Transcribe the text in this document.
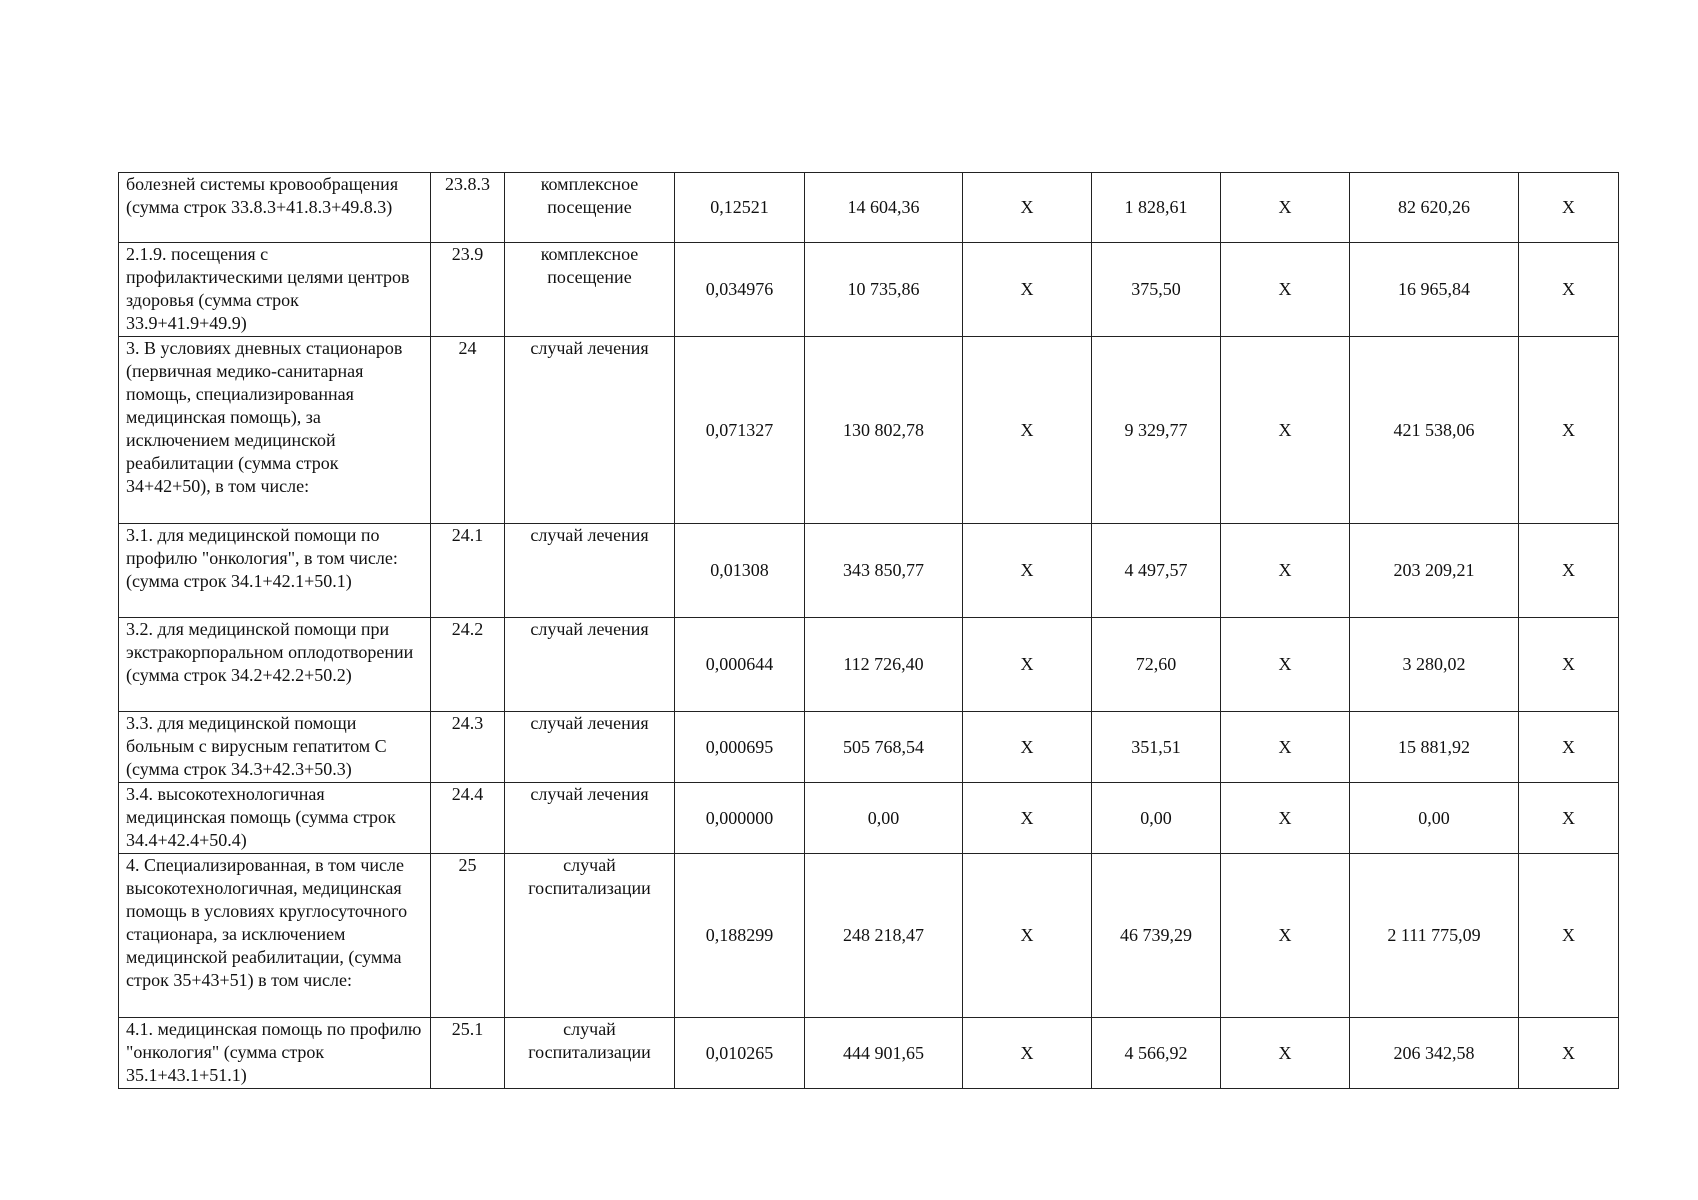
болезней системы кровообращения (сумма строк 33.8.3+41.8.3+49.8.3)	23.8.3	комплексное посещение	0,12521	14 604,36	X	1 828,61	X	82 620,26	X
2.1.9. посещения с профилактическими целями центров здоровья (сумма строк 33.9+41.9+49.9)	23.9	комплексное посещение	0,034976	10 735,86	X	375,50	X	16 965,84	X
3. В условиях дневных стационаров (первичная медико-санитарная помощь, специализированная медицинская помощь), за исключением медицинской реабилитации (сумма строк 34+42+50), в том числе:	24	случай лечения	0,071327	130 802,78	X	9 329,77	X	421 538,06	X
3.1. для медицинской помощи по профилю "онкология", в том числе: (сумма строк 34.1+42.1+50.1)	24.1	случай лечения	0,01308	343 850,77	X	4 497,57	X	203 209,21	X
3.2. для медицинской помощи при экстракорпоральном оплодотворении (сумма строк 34.2+42.2+50.2)	24.2	случай лечения	0,000644	112 726,40	X	72,60	X	3 280,02	X
3.3. для медицинской помощи больным с вирусным гепатитом С (сумма строк 34.3+42.3+50.3)	24.3	случай лечения	0,000695	505 768,54	X	351,51	X	15 881,92	X
3.4. высокотехнологичная медицинская помощь (сумма строк 34.4+42.4+50.4)	24.4	случай лечения	0,000000	0,00	X	0,00	X	0,00	X
4. Специализированная, в том числе высокотехнологичная, медицинская помощь в условиях круглосуточного стационара, за исключением медицинской реабилитации, (сумма строк 35+43+51) в том числе:	25	случай госпитализации	0,188299	248 218,47	X	46 739,29	X	2 111 775,09	X
4.1. медицинская помощь по профилю "онкология" (сумма строк 35.1+43.1+51.1)	25.1	случай госпитализации	0,010265	444 901,65	X	4 566,92	X	206 342,58	X
